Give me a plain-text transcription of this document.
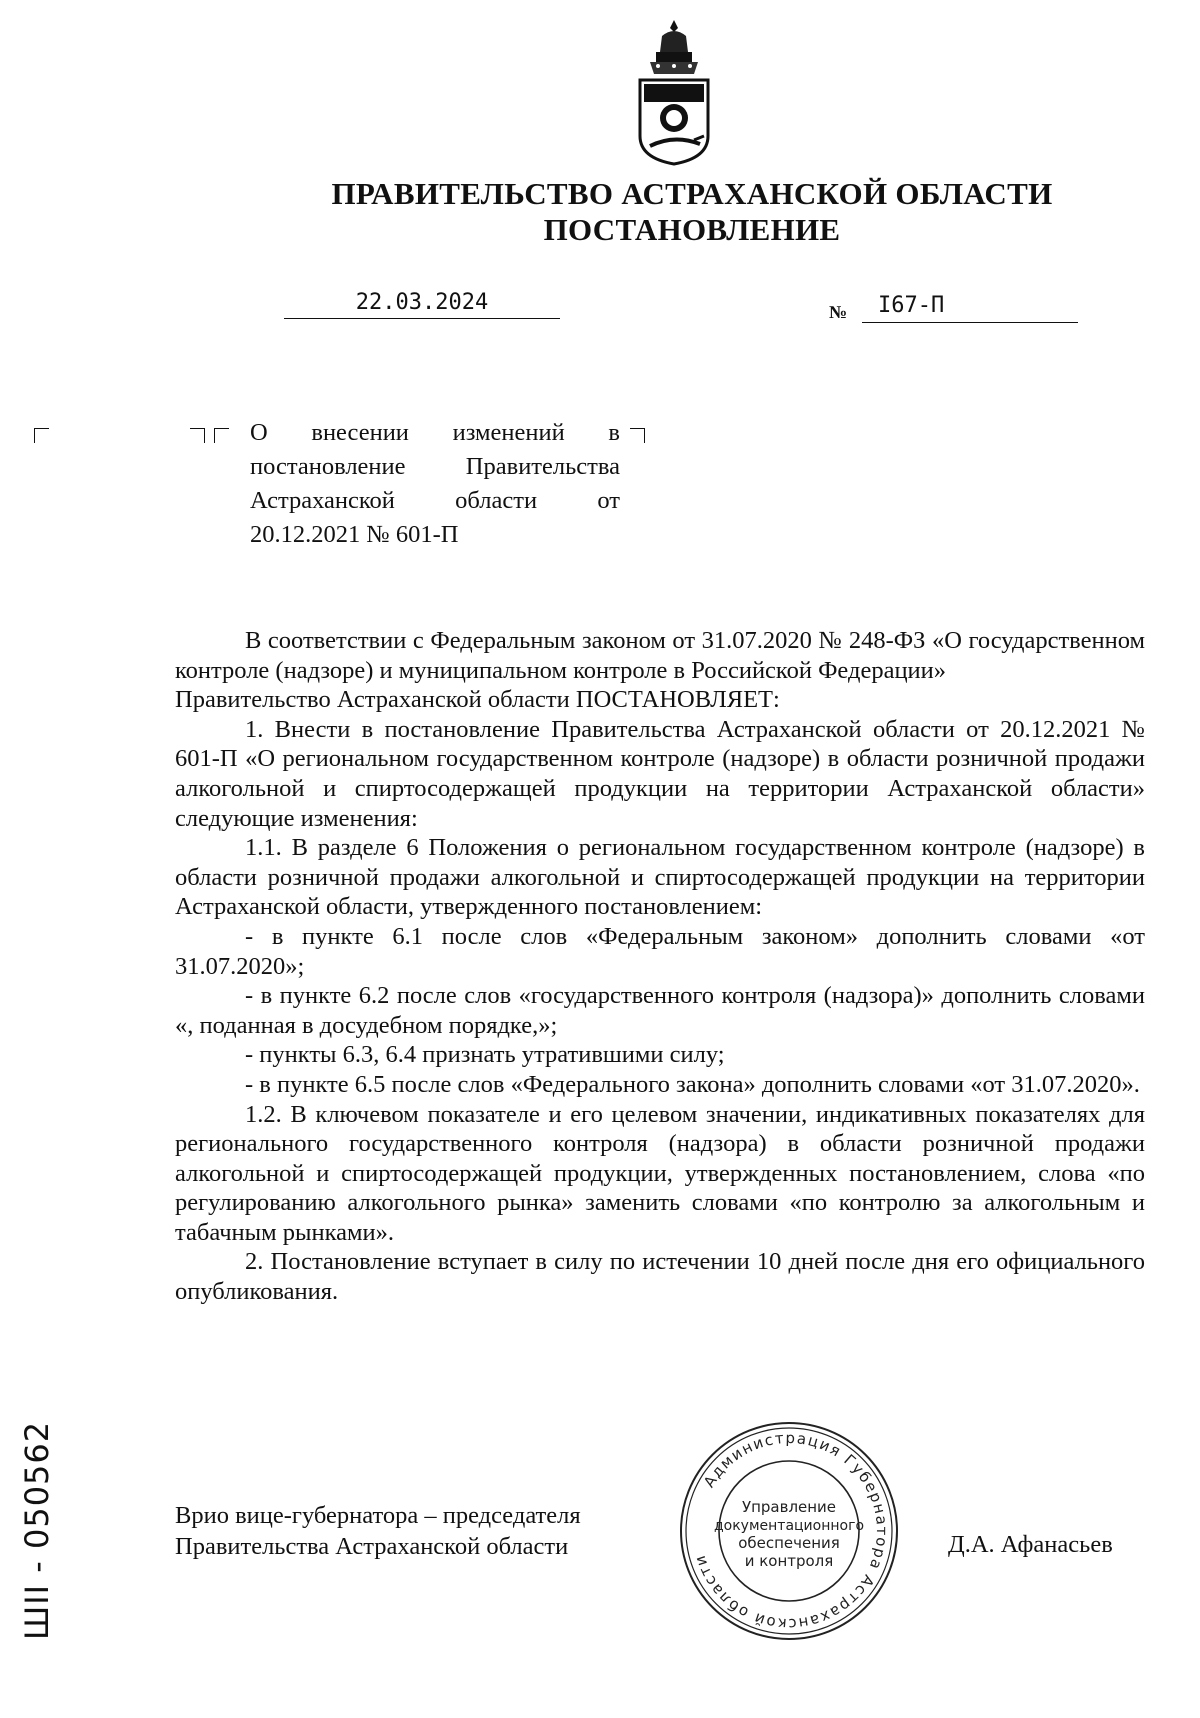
ПРАВИТЕЛЬСТВО АСТРАХАНСКОЙ ОБЛАСТИ
ПОСТАНОВЛЕНИЕ
22.03.2024	№ I67-П
О внесении изменений в постановление Правительства Астраханской области от 20.12.2021 № 601-П

В соответствии с Федеральным законом от 31.07.2020 № 248-ФЗ «О государственном контроле (надзоре) и муниципальном контроле в Российской Федерации»

Правительство Астраханской области ПОСТАНОВЛЯЕТ:

1. Внести в постановление Правительства Астраханской области от 20.12.2021 № 601-П «О региональном государственном контроле (надзоре) в области розничной продажи алкогольной и спиртосодержащей продукции на территории Астраханской области» следующие изменения:

1.1. В разделе 6 Положения о региональном государственном контроле (надзоре) в области розничной продажи алкогольной и спиртосодержащей продукции на территории Астраханской области, утвержденного постановлением:

- в пункте 6.1 после слов «Федеральным законом» дополнить словами «от 31.07.2020»;

- в пункте 6.2 после слов «государственного контроля (надзора)» дополнить словами «, поданная в досудебном порядке,»;

- пункты 6.3, 6.4 признать утратившими силу;

- в пункте 6.5 после слов «Федерального закона» дополнить словами «от 31.07.2020».

1.2. В ключевом показателе и его целевом значении, индикативных показателях для регионального государственного контроля (надзора) в области розничной продажи алкогольной и спиртосодержащей продукции, утвержденных постановлением, слова «по регулированию алкогольного рынка» заменить словами «по контролю за алкогольным и табачным рынками».

2. Постановление вступает в силу по истечении 10 дней после дня его официального опубликования.

Врио вице-губернатора – председателя
Правительства Астраханской области
Администрация Губернатора Астраханской области
Управление
документационного
обеспечения
и контроля
Д.А. Афанасьев
ШII - 050562
